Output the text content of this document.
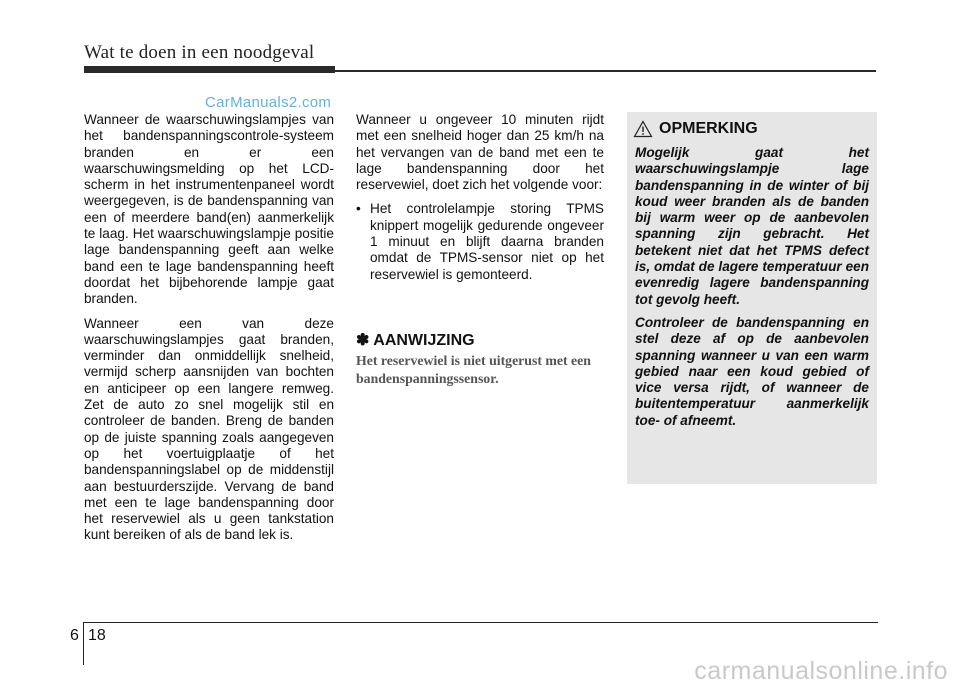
Wat te doen in een noodgeval
CarManuals2.com

Wanneer de waarschuwingslampjes van het bandenspanningscontrole-systeem branden en er een waarschuwingsmelding op het LCD-scherm in het instrumentenpaneel wordt weergegeven, is de bandenspanning van een of meerdere band(en) aanmerkelijk te laag. Het waarschuwingslampje positie lage bandenspanning geeft aan welke band een te lage bandenspanning heeft doordat het bijbehorende lampje gaat branden.

Wanneer een van deze waarschuwingslampjes gaat branden, verminder dan onmiddellijk snelheid, vermijd scherp aansnijden van bochten en anticipeer op een langere remweg. Zet de auto zo snel mogelijk stil en controleer de banden. Breng de banden op de juiste spanning zoals aangegeven op het voertuigplaatje of het bandenspanningslabel op de middenstijl aan bestuurderszijde. Vervang de band met een te lage bandenspanning door het reservewiel als u geen tankstation kunt bereiken of als de band lek is.

Wanneer u ongeveer 10 minuten rijdt met een snelheid hoger dan 25 km/h na het vervangen van de band met een te lage bandenspanning door het reservewiel, doet zich het volgende voor:

• Het controlelampje storing TPMS knippert mogelijk gedurende ongeveer 1 minuut en blijft daarna branden omdat de TPMS-sensor niet op het reservewiel is gemonteerd.
✽ AANWIJZING
Het reservewiel is niet uitgerust met een bandenspanningssensor.
OPMERKING

Mogelijk gaat het waarschuwingslampje lage bandenspanning in de winter of bij koud weer branden als de banden bij warm weer op de aanbevolen spanning zijn gebracht. Het betekent niet dat het TPMS defect is, omdat de lagere temperatuur een evenredig lagere bandenspanning tot gevolg heeft.

Controleer de bandenspanning en stel deze af op de aanbevolen spanning wanneer u van een warm gebied naar een koud gebied of vice versa rijdt, of wanneer de buitentemperatuur aanmerkelijk toe- of afneemt.

6 18
carmanualsonline.info
